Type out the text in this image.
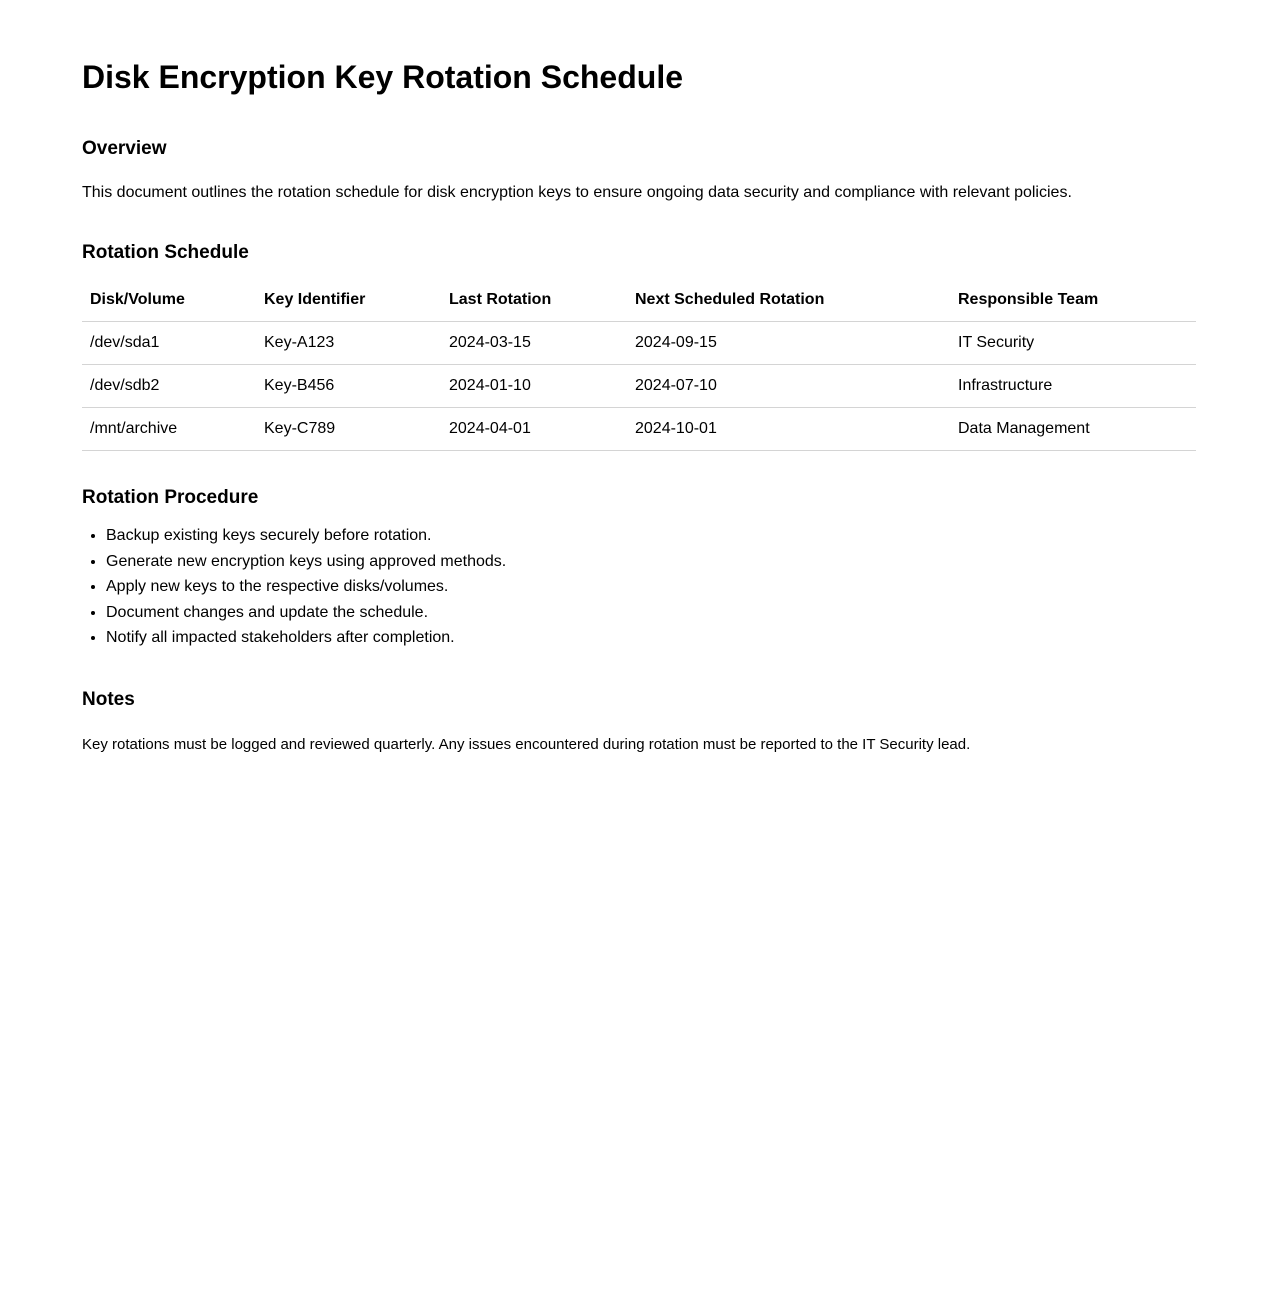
Disk Encryption Key Rotation Schedule
Overview

This document outlines the rotation schedule for disk encryption keys to ensure ongoing data security and compliance with relevant policies.

Rotation Schedule
Disk/Volume	Key Identifier	Last Rotation	Next Scheduled Rotation	Responsible Team
/dev/sda1	Key-A123	2024-03-15	2024-09-15	IT Security
/dev/sdb2	Key-B456	2024-01-10	2024-07-10	Infrastructure
/mnt/archive	Key-C789	2024-04-01	2024-10-01	Data Management
Rotation Procedure
• Backup existing keys securely before rotation.
• Generate new encryption keys using approved methods.
• Apply new keys to the respective disks/volumes.
• Document changes and update the schedule.
• Notify all impacted stakeholders after completion.
Notes

Key rotations must be logged and reviewed quarterly. Any issues encountered during rotation must be reported to the IT Security lead.
